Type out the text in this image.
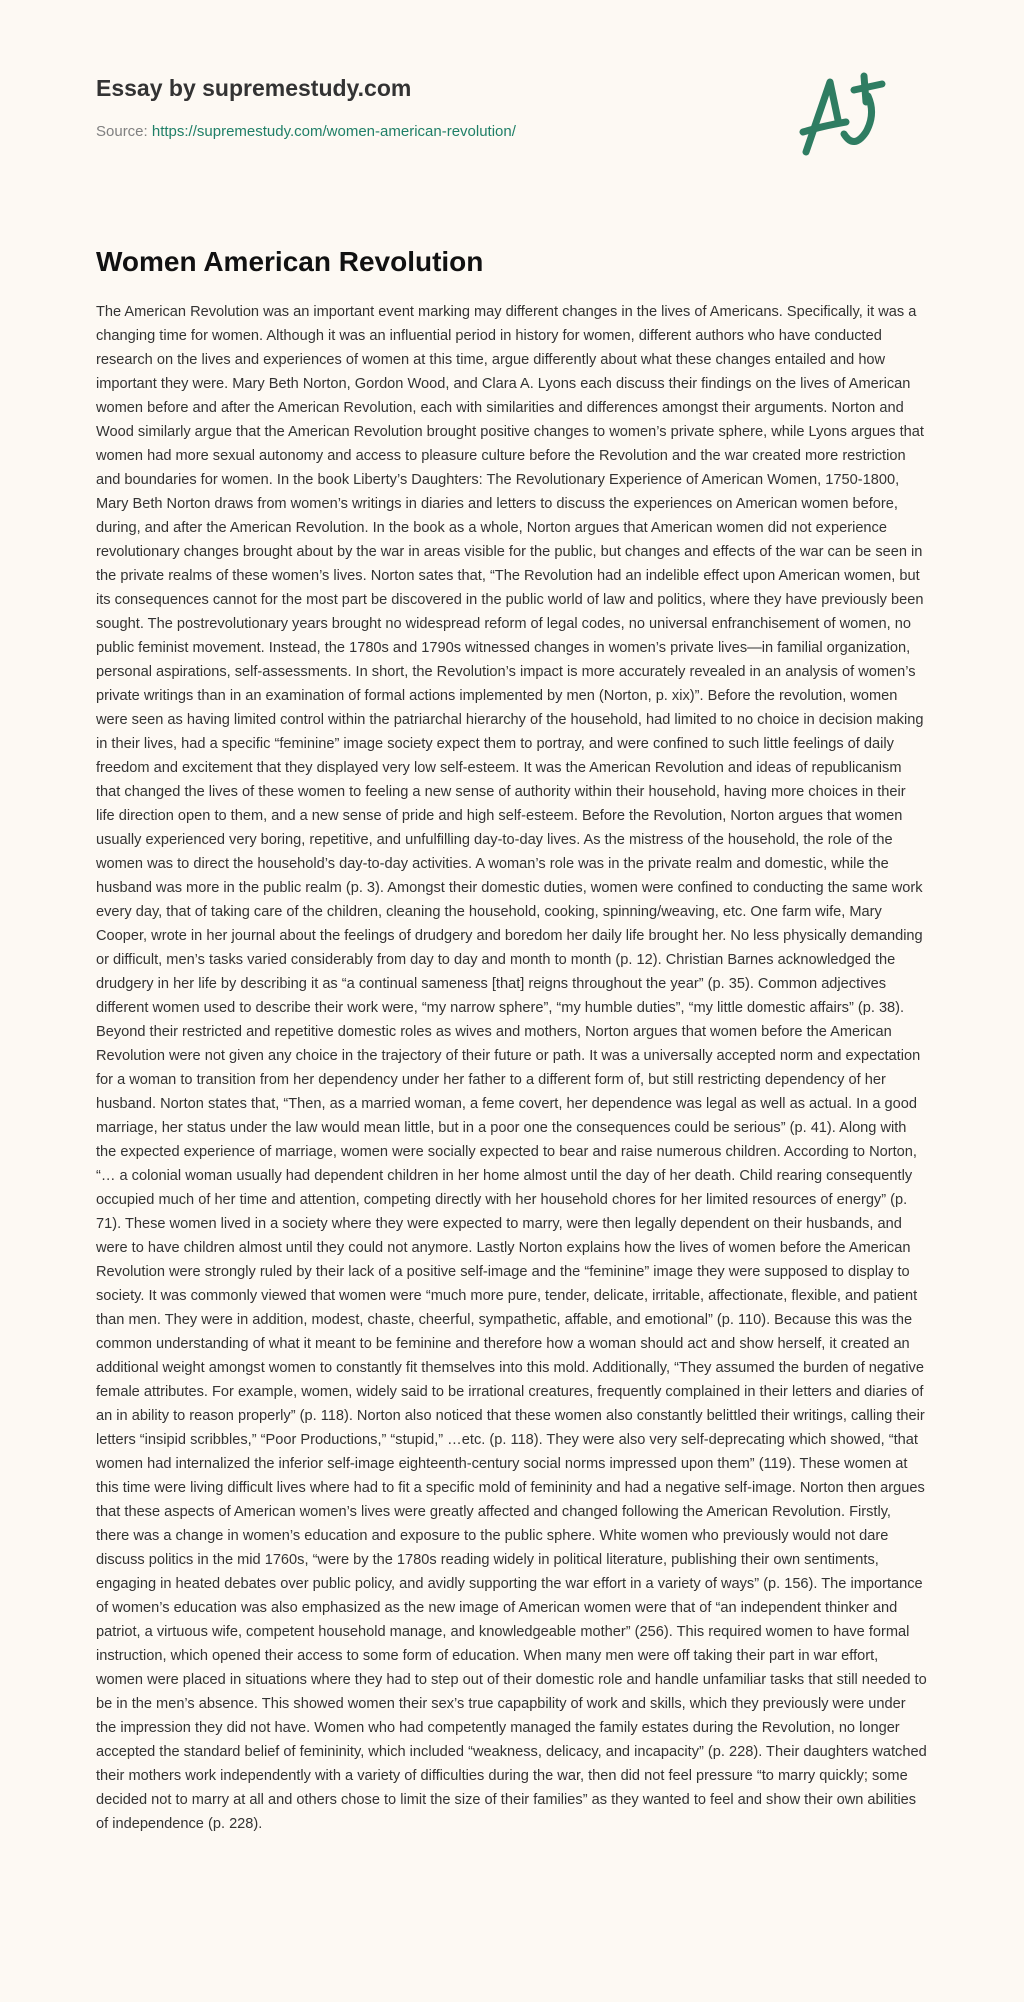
Essay by supremestudy.com
Source: https://supremestudy.com/women-american-revolution/
Women American Revolution

The American Revolution was an important event marking may different changes in the lives of Americans. Specifically, it was a changing time for women. Although it was an influential period in history for women, different authors who have conducted research on the lives and experiences of women at this time, argue differently about what these changes entailed and how important they were. Mary Beth Norton, Gordon Wood, and Clara A. Lyons each discuss their findings on the lives of American women before and after the American Revolution, each with similarities and differences amongst their arguments. Norton and Wood similarly argue that the American Revolution brought positive changes to women’s private sphere, while Lyons argues that women had more sexual autonomy and access to pleasure culture before the Revolution and the war created more restriction and boundaries for women. In the book Liberty’s Daughters: The Revolutionary Experience of American Women, 1750-1800, Mary Beth Norton draws from women’s writings in diaries and letters to discuss the experiences on American women before, during, and after the American Revolution. In the book as a whole, Norton argues that American women did not experience revolutionary changes brought about by the war in areas visible for the public, but changes and effects of the war can be seen in the private realms of these women’s lives. Norton sates that, “The Revolution had an indelible effect upon American women, but its consequences cannot for the most part be discovered in the public world of law and politics, where they have previously been sought. The postrevolutionary years brought no widespread reform of legal codes, no universal enfranchisement of women, no public feminist movement. Instead, the 1780s and 1790s witnessed changes in women’s private lives—in familial organization, personal aspirations, self-assessments. In short, the Revolution’s impact is more accurately revealed in an analysis of women’s private writings than in an examination of formal actions implemented by men (Norton, p. xix)”. Before the revolution, women were seen as having limited control within the patriarchal hierarchy of the household, had limited to no choice in decision making in their lives, had a specific “feminine” image society expect them to portray, and were confined to such little feelings of daily freedom and excitement that they displayed very low self-esteem. It was the American Revolution and ideas of republicanism that changed the lives of these women to feeling a new sense of authority within their household, having more choices in their life direction open to them, and a new sense of pride and high self-esteem. Before the Revolution, Norton argues that women usually experienced very boring, repetitive, and unfulfilling day-to-day lives. As the mistress of the household, the role of the women was to direct the household’s day-to-day activities. A woman’s role was in the private realm and domestic, while the husband was more in the public realm (p. 3). Amongst their domestic duties, women were confined to conducting the same work every day, that of taking care of the children, cleaning the household, cooking, spinning/weaving, etc. One farm wife, Mary Cooper, wrote in her journal about the feelings of drudgery and boredom her daily life brought her. No less physically demanding or difficult, men’s tasks varied considerably from day to day and month to month (p. 12). Christian Barnes acknowledged the drudgery in her life by describing it as “a continual sameness [that] reigns throughout the year” (p. 35). Common adjectives different women used to describe their work were, “my narrow sphere”, “my humble duties”, “my little domestic affairs” (p. 38). Beyond their restricted and repetitive domestic roles as wives and mothers, Norton argues that women before the American Revolution were not given any choice in the trajectory of their future or path. It was a universally accepted norm and expectation for a woman to transition from her dependency under her father to a different form of, but still restricting dependency of her husband. Norton states that, “Then, as a married woman, a feme covert, her dependence was legal as well as actual. In a good marriage, her status under the law would mean little, but in a poor one the consequences could be serious” (p. 41). Along with the expected experience of marriage, women were socially expected to bear and raise numerous children. According to Norton, “… a colonial woman usually had dependent children in her home almost until the day of her death. Child rearing consequently occupied much of her time and attention, competing directly with her household chores for her limited resources of energy” (p. 71). These women lived in a society where they were expected to marry, were then legally dependent on their husbands, and were to have children almost until they could not anymore. Lastly Norton explains how the lives of women before the American Revolution were strongly ruled by their lack of a positive self-image and the “feminine” image they were supposed to display to society. It was commonly viewed that women were “much more pure, tender, delicate, irritable, affectionate, flexible, and patient than men. They were in addition, modest, chaste, cheerful, sympathetic, affable, and emotional” (p. 110). Because this was the common understanding of what it meant to be feminine and therefore how a woman should act and show herself, it created an additional weight amongst women to constantly fit themselves into this mold. Additionally, “They assumed the burden of negative female attributes. For example, women, widely said to be irrational creatures, frequently complained in their letters and diaries of an in ability to reason properly” (p. 118). Norton also noticed that these women also constantly belittled their writings, calling their letters “insipid scribbles,” “Poor Productions,” “stupid,” …etc. (p. 118). They were also very self-deprecating which showed, “that women had internalized the inferior self-image eighteenth-century social norms impressed upon them” (119). These women at this time were living difficult lives where had to fit a specific mold of femininity and had a negative self-image. Norton then argues that these aspects of American women’s lives were greatly affected and changed following the American Revolution. Firstly, there was a change in women’s education and exposure to the public sphere. White women who previously would not dare discuss politics in the mid 1760s, “were by the 1780s reading widely in political literature, publishing their own sentiments, engaging in heated debates over public policy, and avidly supporting the war effort in a variety of ways” (p. 156). The importance of women’s education was also emphasized as the new image of American women were that of “an independent thinker and patriot, a virtuous wife, competent household manage, and knowledgeable mother” (256). This required women to have formal instruction, which opened their access to some form of education. When many men were off taking their part in war effort, women were placed in situations where they had to step out of their domestic role and handle unfamiliar tasks that still needed to be in the men’s absence. This showed women their sex’s true capapbility of work and skills, which they previously were under the impression they did not have. Women who had competently managed the family estates during the Revolution, no longer accepted the standard belief of femininity, which included “weakness, delicacy, and incapacity” (p. 228). Their daughters watched their mothers work independently with a variety of difficulties during the war, then did not feel pressure “to marry quickly; some decided not to marry at all and others chose to limit the size of their families” as they wanted to feel and show their own abilities of independence (p. 228).
